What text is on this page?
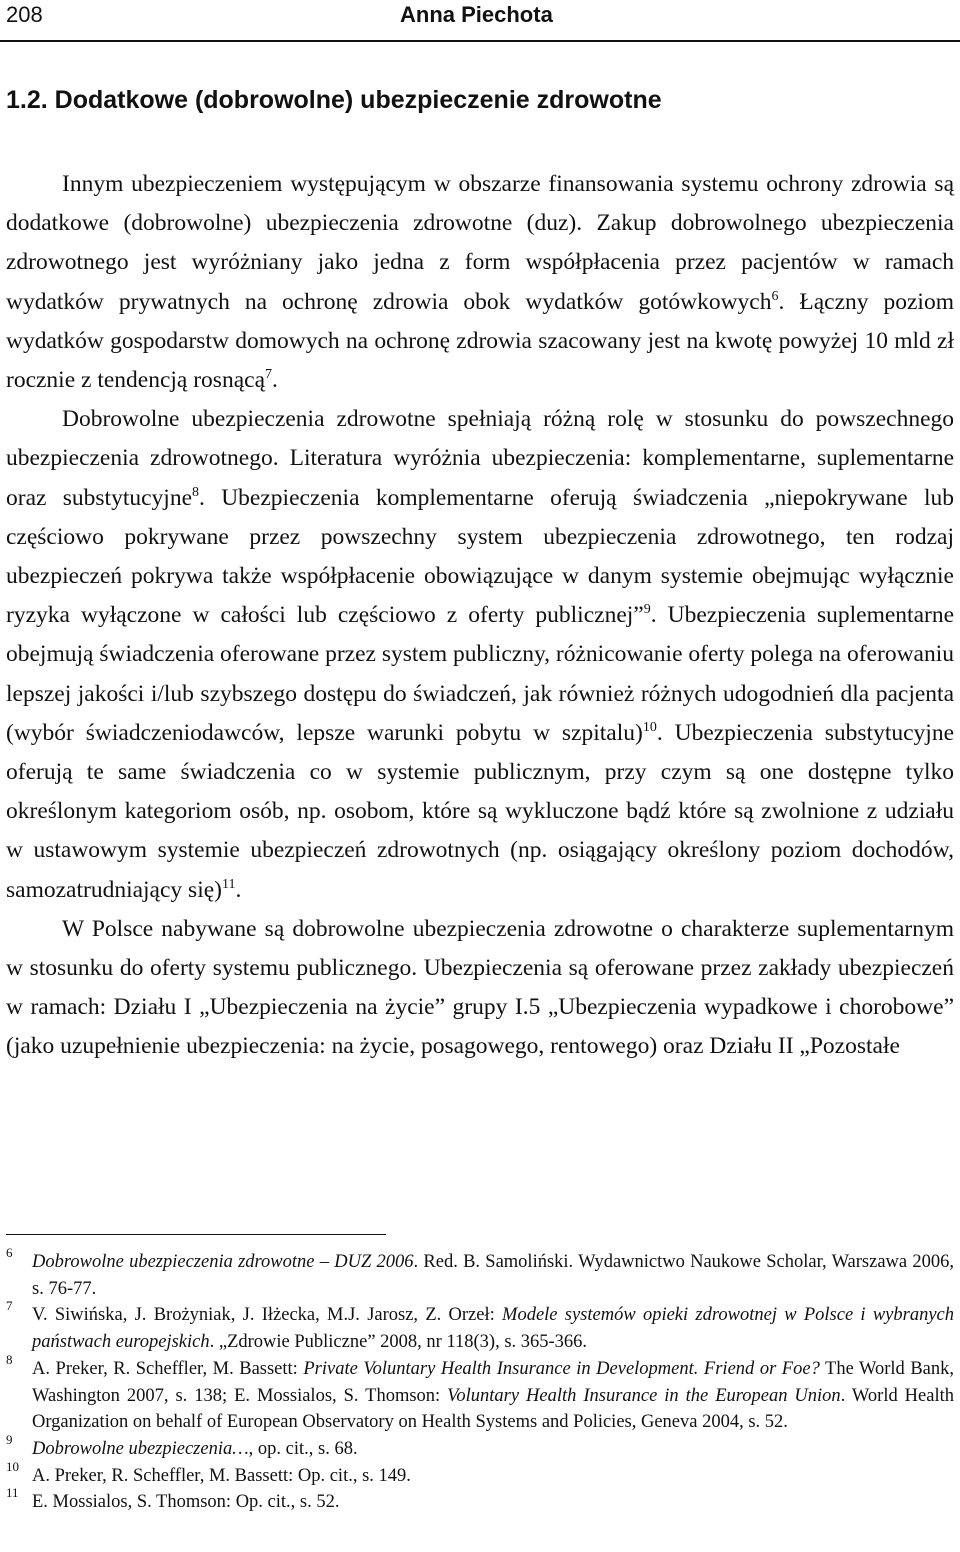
208	Anna Piechota
1.2. Dodatkowe (dobrowolne) ubezpieczenie zdrowotne

Innym ubezpieczeniem występującym w obszarze finansowania systemu ochrony zdrowia są dodatkowe (dobrowolne) ubezpieczenia zdrowotne (duz). Zakup dobrowolnego ubezpieczenia zdrowotnego jest wyróżniany jako jedna z form współpłacenia przez pacjentów w ramach wydatków prywatnych na ochronę zdrowia obok wydatków gotówkowych$^6$. Łączny poziom wydatków gospodarstw domowych na ochronę zdrowia szacowany jest na kwotę powyżej 10 mld zł rocznie z tendencją rosnącą$^7$.

Dobrowolne ubezpieczenia zdrowotne spełniają różną rolę w stosunku do powszechnego ubezpieczenia zdrowotnego. Literatura wyróżnia ubezpieczenia: komplementarne, suplementarne oraz substytucyjne$^8$. Ubezpieczenia komplementarne oferują świadczenia „niepokrywane lub częściowo pokrywane przez powszechny system ubezpieczenia zdrowotnego, ten rodzaj ubezpieczeń pokrywa także współpłacenie obowiązujące w danym systemie obejmując wyłącznie ryzyka wyłączone w całości lub częściowo z oferty publicznej”$^9$. Ubezpieczenia suplementarne obejmują świadczenia oferowane przez system publiczny, różnicowanie oferty polega na oferowaniu lepszej jakości i/lub szybszego dostępu do świadczeń, jak również różnych udogodnień dla pacjenta (wybór świadczeniodawców, lepsze warunki pobytu w szpitalu)$^{10}$. Ubezpieczenia substytucyjne oferują te same świadczenia co w systemie publicznym, przy czym są one dostępne tylko określonym kategoriom osób, np. osobom, które są wykluczone bądź które są zwolnione z udziału w ustawowym systemie ubezpieczeń zdrowotnych (np. osiągający określony poziom dochodów, samozatrudniający się)$^{11}$.

W Polsce nabywane są dobrowolne ubezpieczenia zdrowotne o charakterze suplementarnym w stosunku do oferty systemu publicznego. Ubezpieczenia są oferowane przez zakłady ubezpieczeń w ramach: Działu I „Ubezpieczenia na życie” grupy I.5 „Ubezpieczenia wypadkowe i chorobowe” (jako uzupełnienie ubezpieczenia: na życie, posagowego, rentowego) oraz Działu II „Pozostałe

6 Dobrowolne ubezpieczenia zdrowotne – DUZ 2006. Red. B. Samoliński. Wydawnictwo Naukowe Scholar, Warszawa 2006, s. 76-77.

7 V. Siwińska, J. Brożyniak, J. Iłżecka, M.J. Jarosz, Z. Orzeł: Modele systemów opieki zdrowotnej w Polsce i wybranych państwach europejskich. „Zdrowie Publiczne” 2008, nr 118(3), s. 365-366.

8 A. Preker, R. Scheffler, M. Bassett: Private Voluntary Health Insurance in Development. Friend or Foe? The World Bank, Washington 2007, s. 138; E. Mossialos, S. Thomson: Voluntary Health Insurance in the European Union. World Health Organization on behalf of European Observatory on Health Systems and Policies, Geneva 2004, s. 52.

9 Dobrowolne ubezpieczenia…, op. cit., s. 68.

10 A. Preker, R. Scheffler, M. Bassett: Op. cit., s. 149.

11 E. Mossialos, S. Thomson: Op. cit., s. 52.
